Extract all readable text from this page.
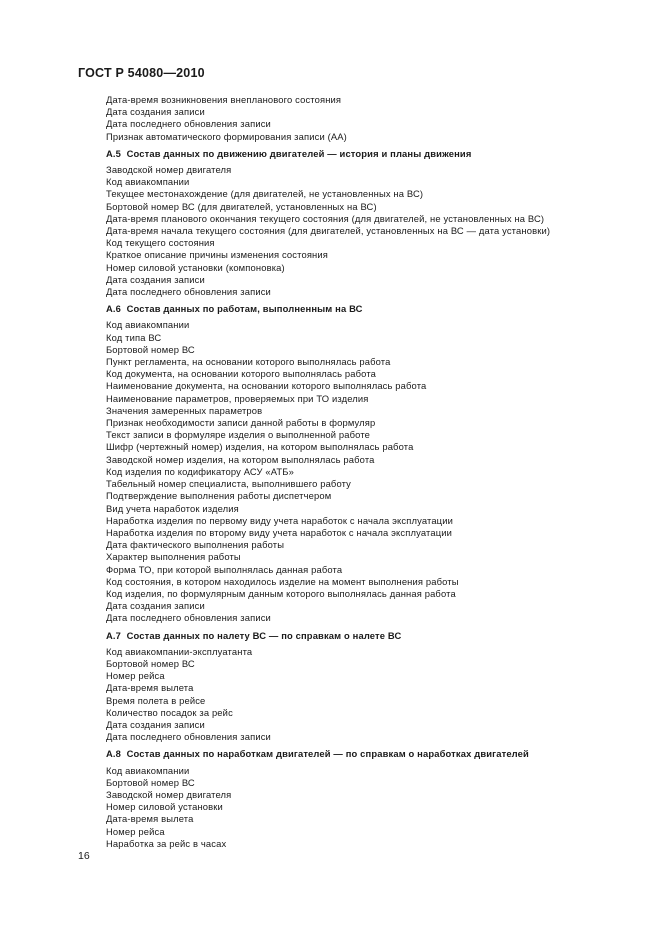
ГОСТ Р 54080—2010
Дата-время возникновения внепланового состояния
Дата создания записи
Дата последнего обновления записи
Признак автоматического формирования записи (АА)
А.5 Состав данных по движению двигателей — история и планы движения
Заводской номер двигателя
Код авиакомпании
Текущее местонахождение (для двигателей, не установленных на ВС)
Бортовой номер ВС (для двигателей, установленных на ВС)
Дата-время планового окончания текущего состояния (для двигателей, не установленных на ВС)
Дата-время начала текущего состояния (для двигателей, установленных на ВС — дата установки)
Код текущего состояния
Краткое описание причины изменения состояния
Номер силовой установки (компоновка)
Дата создания записи
Дата последнего обновления записи
А.6 Состав данных по работам, выполненным на ВС
Код авиакомпании
Код типа ВС
Бортовой номер ВС
Пункт регламента, на основании которого выполнялась работа
Код документа, на основании которого выполнялась работа
Наименование документа, на основании которого выполнялась работа
Наименование параметров, проверяемых при ТО изделия
Значения замеренных параметров
Признак необходимости записи данной работы в формуляр
Текст записи в формуляре изделия о выполненной работе
Шифр (чертежный номер) изделия, на котором выполнялась работа
Заводской номер изделия, на котором выполнялась работа
Код изделия по кодификатору АСУ «АТБ»
Табельный номер специалиста, выполнившего работу
Подтверждение выполнения работы диспетчером
Вид учета наработок изделия
Наработка изделия по первому виду учета наработок с начала эксплуатации
Наработка изделия по второму виду учета наработок с начала эксплуатации
Дата фактического выполнения работы
Характер выполнения работы
Форма ТО, при которой выполнялась данная работа
Код состояния, в котором находилось изделие на момент выполнения работы
Код изделия, по формулярным данным которого выполнялась данная работа
Дата создания записи
Дата последнего обновления записи
А.7 Состав данных по налету ВС — по справкам о налете ВС
Код авиакомпании-эксплуатанта
Бортовой номер ВС
Номер рейса
Дата-время вылета
Время полета в рейсе
Количество посадок за рейс
Дата создания записи
Дата последнего обновления записи
А.8 Состав данных по наработкам двигателей — по справкам о наработках двигателей
Код авиакомпании
Бортовой номер ВС
Заводской номер двигателя
Номер силовой установки
Дата-время вылета
Номер рейса
Наработка за рейс в часах
16
